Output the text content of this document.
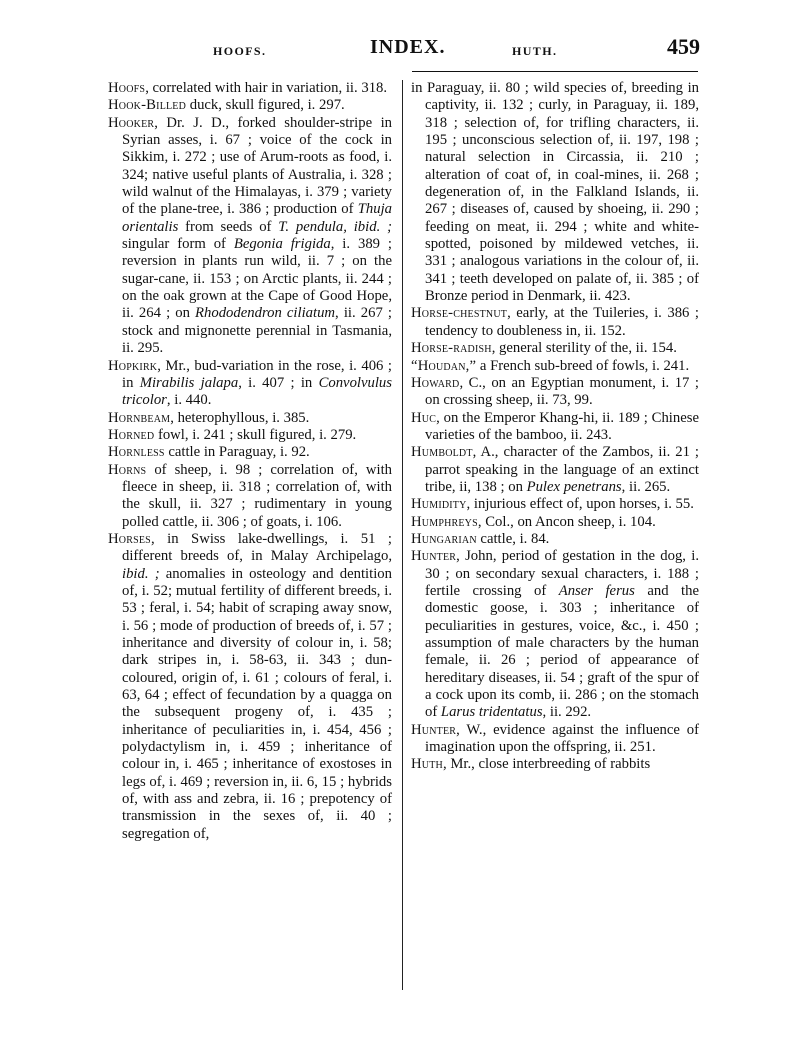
HOOFS.	INDEX.	HUTH.	459

Hoofs, correlated with hair in variation, ii. 318.

Hook-Billed duck, skull figured, i. 297.

Hooker, Dr. J. D., forked shoulder-stripe in Syrian asses, i. 67 ; voice of the cock in Sikkim, i. 272 ; use of Arum-roots as food, i. 324; native useful plants of Australia, i. 328 ; wild walnut of the Himalayas, i. 379 ; variety of the plane-tree, i. 386 ; production of Thuja orientalis from seeds of T. pendula, ibid. ; singular form of Begonia frigida, i. 389 ; reversion in plants run wild, ii. 7 ; on the sugar-cane, ii. 153 ; on Arctic plants, ii. 244 ; on the oak grown at the Cape of Good Hope, ii. 264 ; on Rhododendron ciliatum, ii. 267 ; stock and mignonette perennial in Tasmania, ii. 295.

Hopkirk, Mr., bud-variation in the rose, i. 406 ; in Mirabilis jalapa, i. 407 ; in Convolvulus tricolor, i. 440.

Hornbeam, heterophyllous, i. 385.

Horned fowl, i. 241 ; skull figured, i. 279.

Hornless cattle in Paraguay, i. 92.

Horns of sheep, i. 98 ; correlation of, with fleece in sheep, ii. 318 ; correlation of, with the skull, ii. 327 ; rudimentary in young polled cattle, ii. 306 ; of goats, i. 106.

Horses, in Swiss lake-dwellings, i. 51 ; different breeds of, in Malay Archipelago, ibid. ; anomalies in osteology and dentition of, i. 52; mutual fertility of different breeds, i. 53 ; feral, i. 54; habit of scraping away snow, i. 56 ; mode of production of breeds of, i. 57 ; inheritance and diversity of colour in, i. 58; dark stripes in, i. 58-63, ii. 343 ; dun-coloured, origin of, i. 61 ; colours of feral, i. 63, 64 ; effect of fecundation by a quagga on the subsequent progeny of, i. 435 ; inheritance of peculiarities in, i. 454, 456 ; polydactylism in, i. 459 ; inheritance of colour in, i. 465 ; inheritance of exostoses in legs of, i. 469 ; reversion in, ii. 6, 15 ; hybrids of, with ass and zebra, ii. 16 ; prepotency of transmission in the sexes of, ii. 40 ; segregation of,

in Paraguay, ii. 80 ; wild species of, breeding in captivity, ii. 132 ; curly, in Paraguay, ii. 189, 318 ; selection of, for trifling characters, ii. 195 ; unconscious selection of, ii. 197, 198 ; natural selection in Circassia, ii. 210 ; alteration of coat of, in coal-mines, ii. 268 ; degeneration of, in the Falkland Islands, ii. 267 ; diseases of, caused by shoeing, ii. 290 ; feeding on meat, ii. 294 ; white and white-spotted, poisoned by mildewed vetches, ii. 331 ; analogous variations in the colour of, ii. 341 ; teeth developed on palate of, ii. 385 ; of Bronze period in Denmark, ii. 423.

Horse-chestnut, early, at the Tuileries, i. 386 ; tendency to doubleness in, ii. 152.

Horse-radish, general sterility of the, ii. 154.

“Houdan,” a French sub-breed of fowls, i. 241.

Howard, C., on an Egyptian monument, i. 17 ; on crossing sheep, ii. 73, 99.

Huc, on the Emperor Khang-hi, ii. 189 ; Chinese varieties of the bamboo, ii. 243.

Humboldt, A., character of the Zambos, ii. 21 ; parrot speaking in the language of an extinct tribe, ii, 138 ; on Pulex penetrans, ii. 265.

Humidity, injurious effect of, upon horses, i. 55.

Humphreys, Col., on Ancon sheep, i. 104.

Hungarian cattle, i. 84.

Hunter, John, period of gestation in the dog, i. 30 ; on secondary sexual characters, i. 188 ; fertile crossing of Anser ferus and the domestic goose, i. 303 ; inheritance of peculiarities in gestures, voice, &c., i. 450 ; assumption of male characters by the human female, ii. 26 ; period of appearance of hereditary diseases, ii. 54 ; graft of the spur of a cock upon its comb, ii. 286 ; on the stomach of Larus tridentatus, ii. 292.

Hunter, W., evidence against the influence of imagination upon the offspring, ii. 251.

Huth, Mr., close interbreeding of rabbits
